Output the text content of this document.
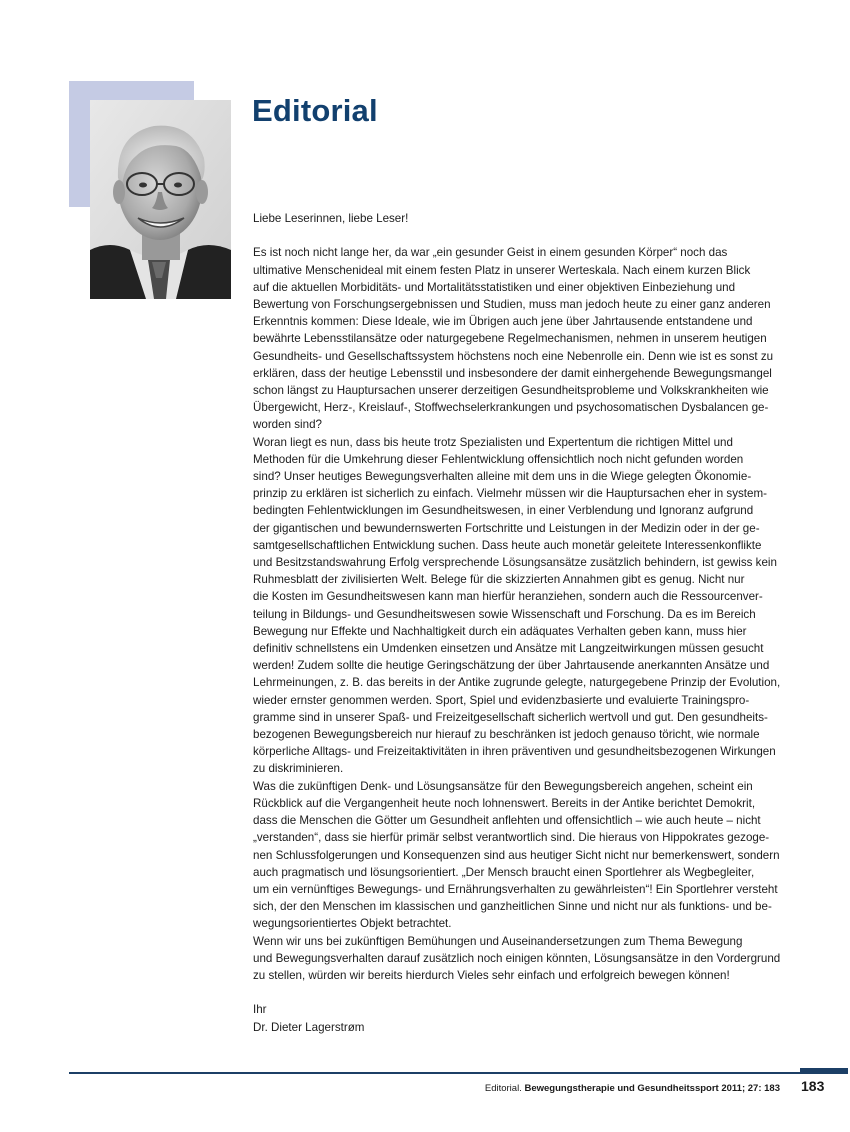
Editorial
Liebe Leserinnen, liebe Leser!
Es ist noch nicht lange her, da war „ein gesunder Geist in einem gesunden Körper“ noch das
ultimative Menschenideal mit einem festen Platz in unserer Werteskala. Nach einem kurzen Blick
auf die aktuellen Morbiditäts- und Mortalitätsstatistiken und einer objektiven Einbeziehung und
Bewertung von Forschungsergebnissen und Studien, muss man jedoch heute zu einer ganz anderen
Erkenntnis kommen: Diese Ideale, wie im Übrigen auch jene über Jahrtausende entstandene und
bewährte Lebensstilansätze oder naturgegebene Regelmechanismen, nehmen in unserem heutigen
Gesundheits- und Gesellschaftssystem höchstens noch eine Nebenrolle ein. Denn wie ist es sonst zu
erklären, dass der heutige Lebensstil und insbesondere der damit einhergehende Bewegungsmangel
schon längst zu Hauptursachen unserer derzeitigen Gesundheitsprobleme und Volkskrankheiten wie
Übergewicht, Herz-, Kreislauf-, Stoffwechselerkrankungen und psychosomatischen Dysbalancen ge-
worden sind?
Woran liegt es nun, dass bis heute trotz Spezialisten und Expertentum die richtigen Mittel und
Methoden für die Umkehrung dieser Fehlentwicklung offensichtlich noch nicht gefunden worden
sind? Unser heutiges Bewegungsverhalten alleine mit dem uns in die Wiege gelegten Ökonomie-
prinzip zu erklären ist sicherlich zu einfach. Vielmehr müssen wir die Hauptursachen eher in system-
bedingten Fehlentwicklungen im Gesundheitswesen, in einer Verblendung und Ignoranz aufgrund
der gigantischen und bewundernswerten Fortschritte und Leistungen in der Medizin oder in der ge-
samtgesellschaftlichen Entwicklung suchen. Dass heute auch monetär geleitete Interessenkonflikte
und Besitzstandswahrung Erfolg versprechende Lösungsansätze zusätzlich behindern, ist gewiss kein
Ruhmesblatt der zivilisierten Welt. Belege für die skizzierten Annahmen gibt es genug. Nicht nur
die Kosten im Gesundheitswesen kann man hierfür heranziehen, sondern auch die Ressourcenver-
teilung in Bildungs- und Gesundheitswesen sowie Wissenschaft und Forschung. Da es im Bereich
Bewegung nur Effekte und Nachhaltigkeit durch ein adäquates Verhalten geben kann, muss hier
definitiv schnellstens ein Umdenken einsetzen und Ansätze mit Langzeitwirkungen müssen gesucht
werden! Zudem sollte die heutige Geringschätzung der über Jahrtausende anerkannten Ansätze und
Lehrmeinungen, z. B. das bereits in der Antike zugrunde gelegte, naturgegebene Prinzip der Evolution,
wieder ernster genommen werden. Sport, Spiel und evidenzbasierte und evaluierte Trainingspro-
gramme sind in unserer Spaß- und Freizeitgesellschaft sicherlich wertvoll und gut. Den gesundheits-
bezogenen Bewegungsbereich nur hierauf zu beschränken ist jedoch genauso töricht, wie normale
körperliche Alltags- und Freizeitaktivitäten in ihren präventiven und gesundheitsbezogenen Wirkungen
zu diskriminieren.
Was die zukünftigen Denk- und Lösungsansätze für den Bewegungsbereich angehen, scheint ein
Rückblick auf die Vergangenheit heute noch lohnenswert. Bereits in der Antike berichtet Demokrit,
dass die Menschen die Götter um Gesundheit anflehten und offensichtlich – wie auch heute – nicht
„verstanden“, dass sie hierfür primär selbst verantwortlich sind. Die hieraus von Hippokrates gezoge-
nen Schlussfolgerungen und Konsequenzen sind aus heutiger Sicht nicht nur bemerkenswert, sondern
auch pragmatisch und lösungsorientiert. „Der Mensch braucht einen Sportlehrer als Wegbegleiter,
um ein vernünftiges Bewegungs- und Ernährungsverhalten zu gewährleisten“! Ein Sportlehrer versteht
sich, der den Menschen im klassischen und ganzheitlichen Sinne und nicht nur als funktions- und be-
wegungsorientiertes Objekt betrachtet.
Wenn wir uns bei zukünftigen Bemühungen und Auseinandersetzungen zum Thema Bewegung
und Bewegungsverhalten darauf zusätzlich noch einigen könnten, Lösungsansätze in den Vordergrund
zu stellen, würden wir bereits hierdurch Vieles sehr einfach und erfolgreich bewegen können!
Ihr
Dr. Dieter Lagerstrøm
Editorial. Bewegungstherapie und Gesundheitssport 2011; 27: 183 183
